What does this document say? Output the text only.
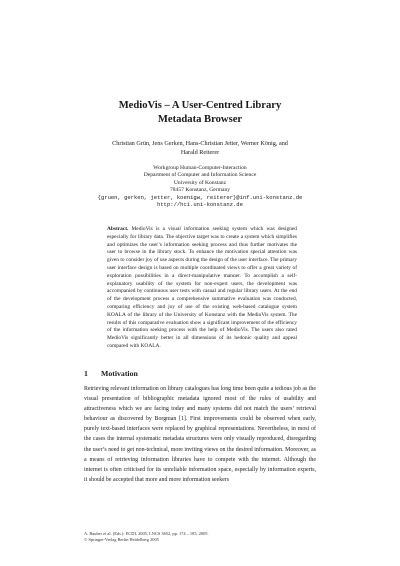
MedioVis – A User-Centred Library
Metadata Browser
Christian Grün, Jens Gerken, Hans-Christian Jetter, Werner König, and
Harald Reiterer
Workgroup Human-Computer-Interaction
Department of Computer and Information Science
University of Konstanz
78457 Konstanz, Germany
{gruen, gerken, jetter, koenigw, reiterer}@inf.uni-konstanz.de
http://hci.uni-konstanz.de
Abstract. MedioVis is a visual information seeking system which was designed especially for library data. The objective target was to create a system which simplifies and optimizes the user’s information seeking process and thus further motivates the user to browse in the library stock. To enhance the motivation special attention was given to consider joy of use aspects during the design of the user interface. The primary user interface design is based on multiple coordinated views to offer a great variety of exploration possibilities in a direct-manipulative manner. To accomplish a self-explanatory usability of the system for non-expert users, the development was accompanied by continuous user tests with casual and regular library users. At the end of the development process a comprehensive summative evaluation was conducted, comparing efficiency and joy of use of the existing web-based catalogue system KOALA of the library of the University of Konstanz with the MedioVis system. The results of this comparative evaluation show a significant improvement of the efficiency of the information seeking process with the help of MedioVis. The users also rated MedioVis significantly better in all dimensions of its hedonic quality and appeal compared with KOALA.
1 Motivation
Retrieving relevant information on library catalogues has long time been quite a tedious job as the visual presentation of bibliographic metadata ignored most of the rules of usability and attractiveness which we are facing today and many systems did not match the users’ retrieval behaviour as discovered by Borgman [1]. First improvements could be observed when early, purely text-based interfaces were replaced by graphical representations. Nevertheless, in most of the cases the internal systematic metadata structures were only visually reproduced, disregarding the user’s need to get non-technical, more inviting views on the desired information. Moreover, as a means of retrieving information libraries have to compete with the internet. Although the internet is often criticised for its unreliable information space, especially by information experts, it should be accepted that more and more information seekers
A. Rauber et al. (Eds.): ECDL 2005, LNCS 3652, pp. 174 – 185, 2005.
© Springer-Verlag Berlin Heidelberg 2005
